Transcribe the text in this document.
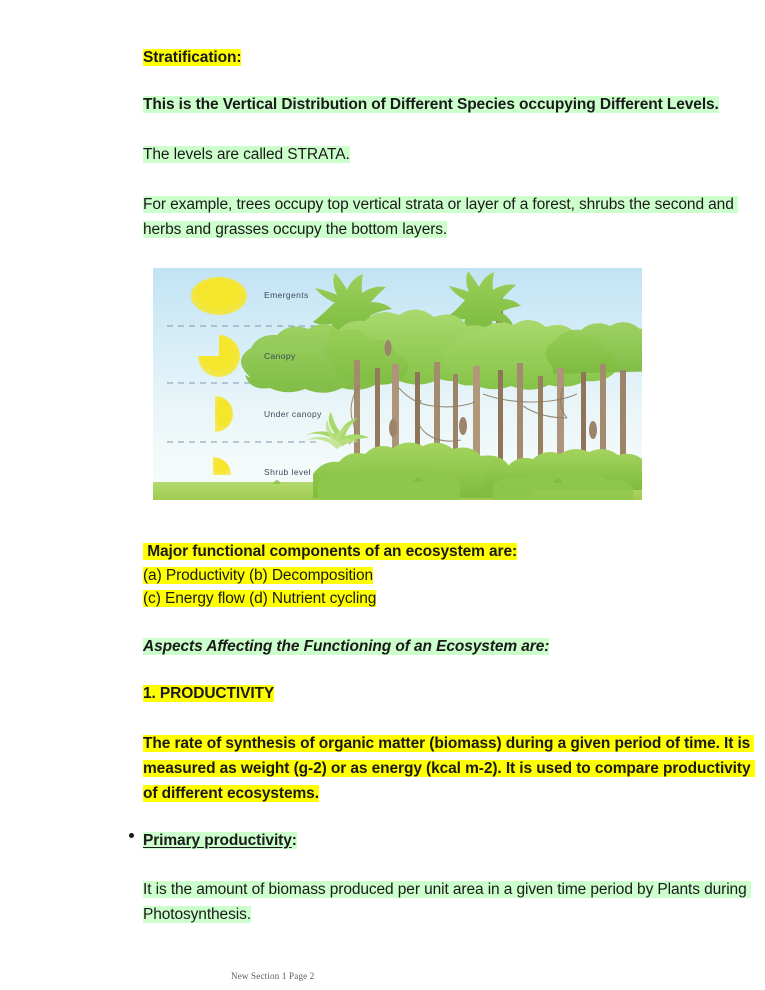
Stratification:
This is the Vertical Distribution of Different Species occupying Different Levels.
The levels are called STRATA.
For example, trees occupy top vertical strata or layer of a forest, shrubs the second and herbs and grasses occupy the bottom layers.
Emergents
Canopy
Under canopy
Shrub level
Major functional components of an ecosystem are:
(a) Productivity (b) Decomposition
(c) Energy flow (d) Nutrient cycling
Aspects Affecting the Functioning of an Ecosystem are:
1. PRODUCTIVITY
The rate of synthesis of organic matter (biomass) during a given period of time. It is measured as weight (g-2) or as energy (kcal m-2). It is used to compare productivity of different ecosystems.
Primary productivity:
It is the amount of biomass produced per unit area in a given time period by Plants during Photosynthesis.
New Section 1 Page 2
